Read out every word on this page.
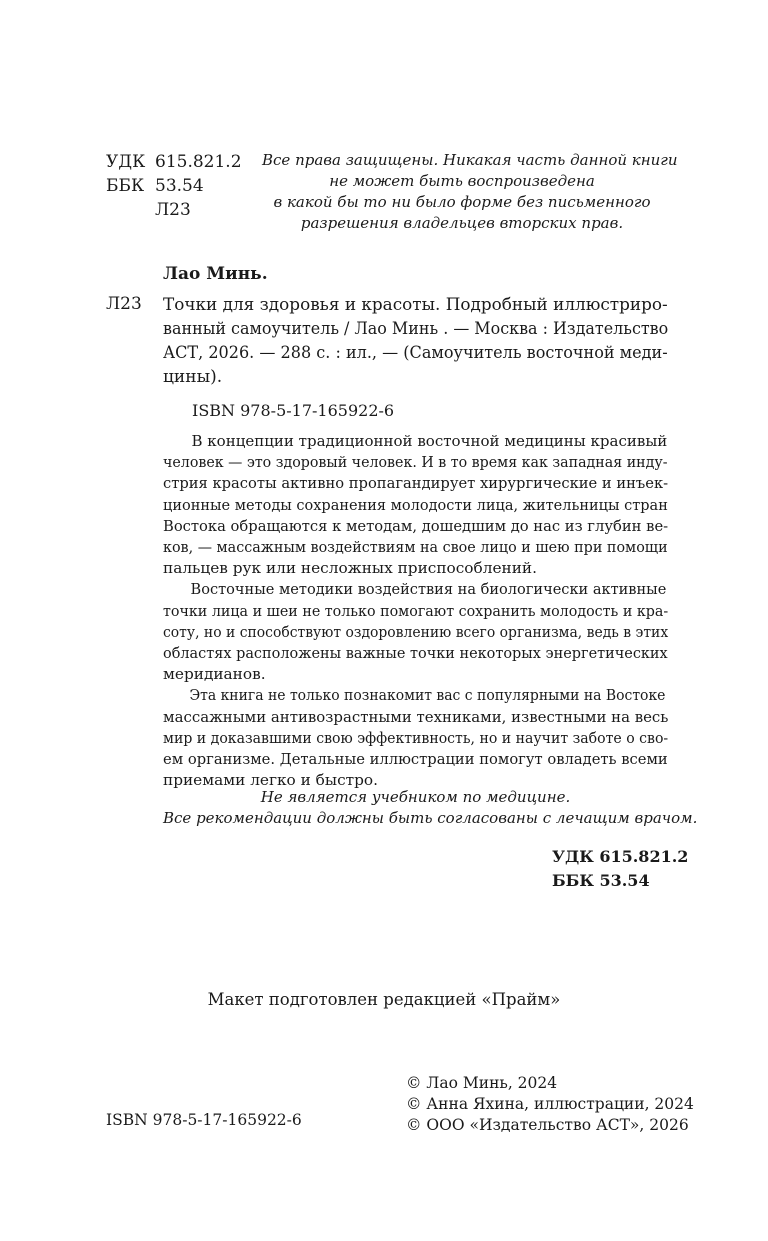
УДК 615.821.2
ББК 53.54
Л23
Все права защищены. Никакая часть данной книги
не может быть воспроизведена
в какой бы то ни было форме без письменного
разрешения владельцев вторских прав.
Лао Минь.
Л23 Точки для здоровья и красоты. Подробный иллюстриро-
ванный самоучитель / Лао Минь . — Москва : Издательство
АСТ, 2026. — 288 с. : ил., — (Самоучитель восточной меди-
цины).
ISBN 978-5-17-165922-6
В концепции традиционной восточной медицины красивый
человек — это здоровый человек. И в то время как западная инду-
стрия красоты активно пропагандирует хирургические и инъек-
ционные методы сохранения молодости лица, жительницы стран
Востока обращаются к методам, дошедшим до нас из глубин ве-
ков, — массажным воздействиям на свое лицо и шею при помощи
пальцев рук или несложных приспособлений.
Восточные методики воздействия на биологически активные
точки лица и шеи не только помогают сохранить молодость и кра-
соту, но и способствуют оздоровлению всего организма, ведь в этих
областях расположены важные точки некоторых энергетических
меридианов.
Эта книга не только познакомит вас с популярными на Востоке
массажными антивозрастными техниками, известными на весь
мир и доказавшими свою эффективность, но и научит заботе о сво-
ем организме. Детальные иллюстрации помогут овладеть всеми
приемами легко и быстро.
Не является учебником по медицине.
Все рекомендации должны быть согласованы с лечащим врачом.
УДК 615.821.2
ББК 53.54
Макет подготовлен редакцией «Прайм»
ISBN 978-5-17-165922-6
© Лао Минь, 2024
© Анна Яхина, иллюстрации, 2024
© ООО «Издательство АСТ», 2026
